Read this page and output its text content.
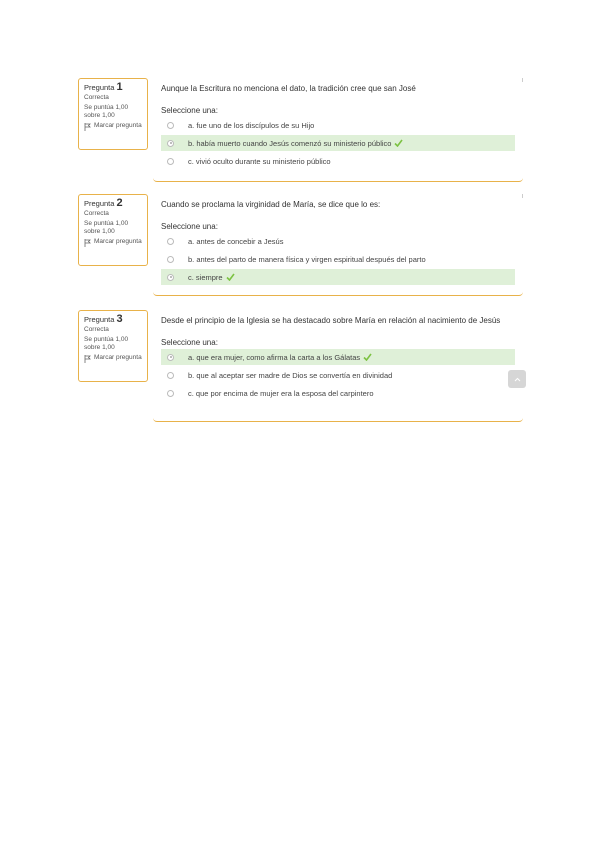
Pregunta 1
Correcta
Se puntúa 1,00 sobre 1,00
Marcar pregunta
Aunque la Escritura no menciona el dato, la tradición cree que san José
Seleccione una:
a. fue uno de los discípulos de su Hijo
b. había muerto cuando Jesús comenzó su ministerio público
c. vivió oculto durante su ministerio público
Pregunta 2
Correcta
Se puntúa 1,00 sobre 1,00
Marcar pregunta
Cuando se proclama la virginidad de María, se dice que lo es:
Seleccione una:
a. antes de concebir a Jesús
b. antes del parto de manera física y virgen espiritual después del parto
c. siempre
Pregunta 3
Correcta
Se puntúa 1,00 sobre 1,00
Marcar pregunta
Desde el principio de la Iglesia se ha destacado sobre María en relación al nacimiento de Jesús
Seleccione una:
a. que era mujer, como afirma la carta a los Gálatas
b. que al aceptar ser madre de Dios se convertía en divinidad
c. que por encima de mujer era la esposa del carpintero
